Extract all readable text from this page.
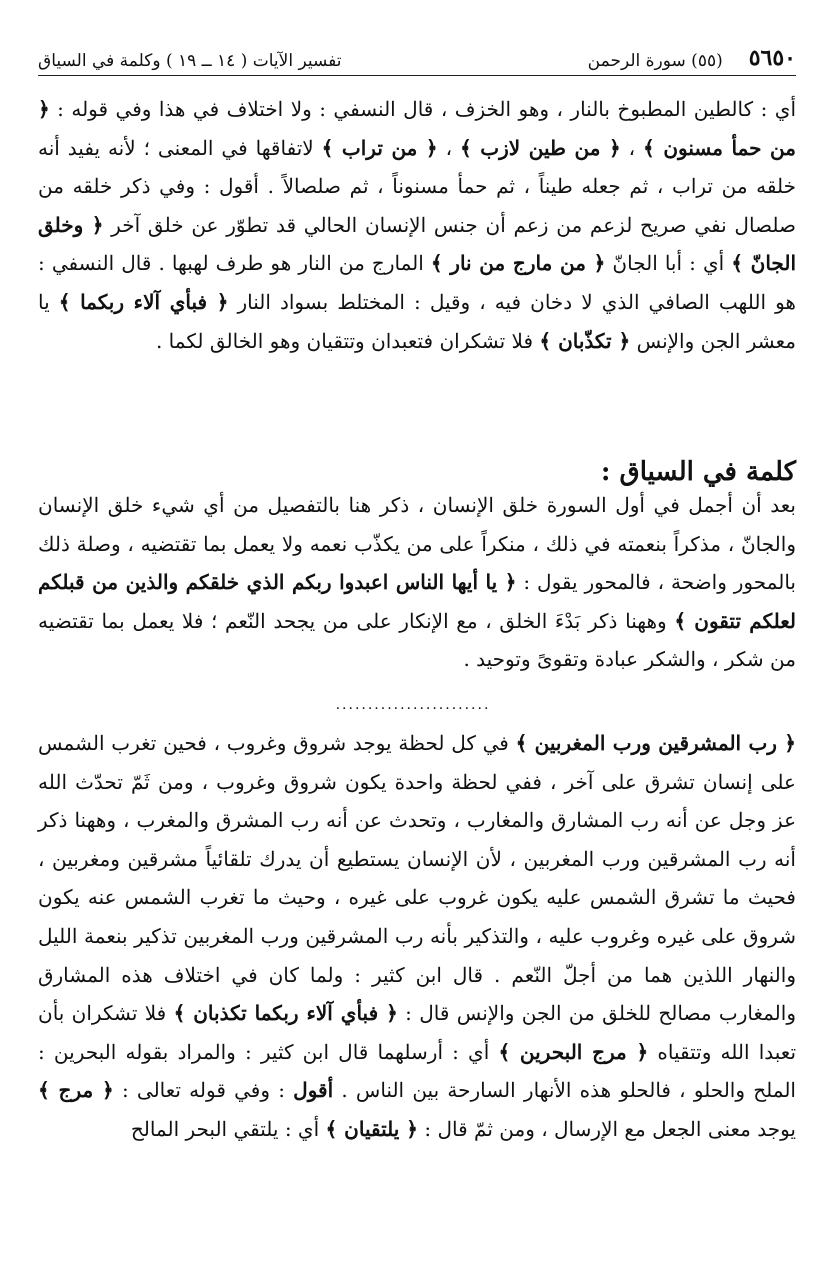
٥٦٥٠
(٥٥) سورة الرحمن
تفسير الآيات ( ١٤ ــ ١٩ ) وكلمة في السياق

أي : كالطين المطبوخ بالنار ، وهو الخزف ، قال النسفي : ولا اختلاف في هذا وفي قوله : ﴿ من حمأ مسنون ﴾ ، ﴿ من طين لازب ﴾ ، ﴿ من تراب ﴾ لاتفاقها في المعنى ؛ لأنه يفيد أنه خلقه من تراب ، ثم جعله طيناً ، ثم حمأ مسنوناً ، ثم صلصالاً . أقول : وفي ذكر خلقه من صلصال نفي صريح لزعم من زعم أن جنس الإنسان الحالي قد تطوّر عن خلق آخر ﴿ وخلق الجانّ ﴾ أي : أبا الجانّ ﴿ من مارج من نار ﴾ المارج من النار هو طرف لهبها . قال النسفي : هو اللهب الصافي الذي لا دخان فيه ، وقيل : المختلط بسواد النار ﴿ فبأي آلاء ربكما ﴾ يا معشر الجن والإنس ﴿ تكذّبان ﴾ فلا تشكران فتعبدان وتتقيان وهو الخالق لكما .

كلمة في السياق :

بعد أن أجمل في أول السورة خلق الإنسان ، ذكر هنا بالتفصيل من أي شيء خلق الإنسان والجانّ ، مذكراً بنعمته في ذلك ، منكراً على من يكذّب نعمه ولا يعمل بما تقتضيه ، وصلة ذلك بالمحور واضحة ، فالمحور يقول : ﴿ يا أيها الناس اعبدوا ربكم الذي خلقكم والذين من قبلكم لعلكم تتقون ﴾ وههنا ذكر بَدْءَ الخلق ، مع الإنكار على من يجحد النّعم ؛ فلا يعمل بما تقتضيه من شكر ، والشكر عبادة وتقوىً وتوحيد .

........................

﴿ رب المشرقين ورب المغربين ﴾ في كل لحظة يوجد شروق وغروب ، فحين تغرب الشمس على إنسان تشرق على آخر ، ففي لحظة واحدة يكون شروق وغروب ، ومن ثَمّ تحدّث الله عز وجل عن أنه رب المشارق والمغارب ، وتحدث عن أنه رب المشرق والمغرب ، وههنا ذكر أنه رب المشرقين ورب المغربين ، لأن الإنسان يستطيع أن يدرك تلقائياً مشرقين ومغربين ، فحيث ما تشرق الشمس عليه يكون غروب على غيره ، وحيث ما تغرب الشمس عنه يكون شروق على غيره وغروب عليه ، والتذكير بأنه رب المشرقين ورب المغربين تذكير بنعمة الليل والنهار اللذين هما من أجلّ النّعم . قال ابن كثير : ولما كان في اختلاف هذه المشارق والمغارب مصالح للخلق من الجن والإنس قال : ﴿ فبأي آلاء ربكما تكذبان ﴾ فلا تشكران بأن تعبدا الله وتتقياه ﴿ مرج البحرين ﴾ أي : أرسلهما قال ابن كثير : والمراد بقوله البحرين : الملح والحلو ، فالحلو هذه الأنهار السارحة بين الناس . أقول : وفي قوله تعالى : ﴿ مرج ﴾ يوجد معنى الجعل مع الإرسال ، ومن ثمّ قال : ﴿ يلتقيان ﴾ أي : يلتقي البحر المالح
